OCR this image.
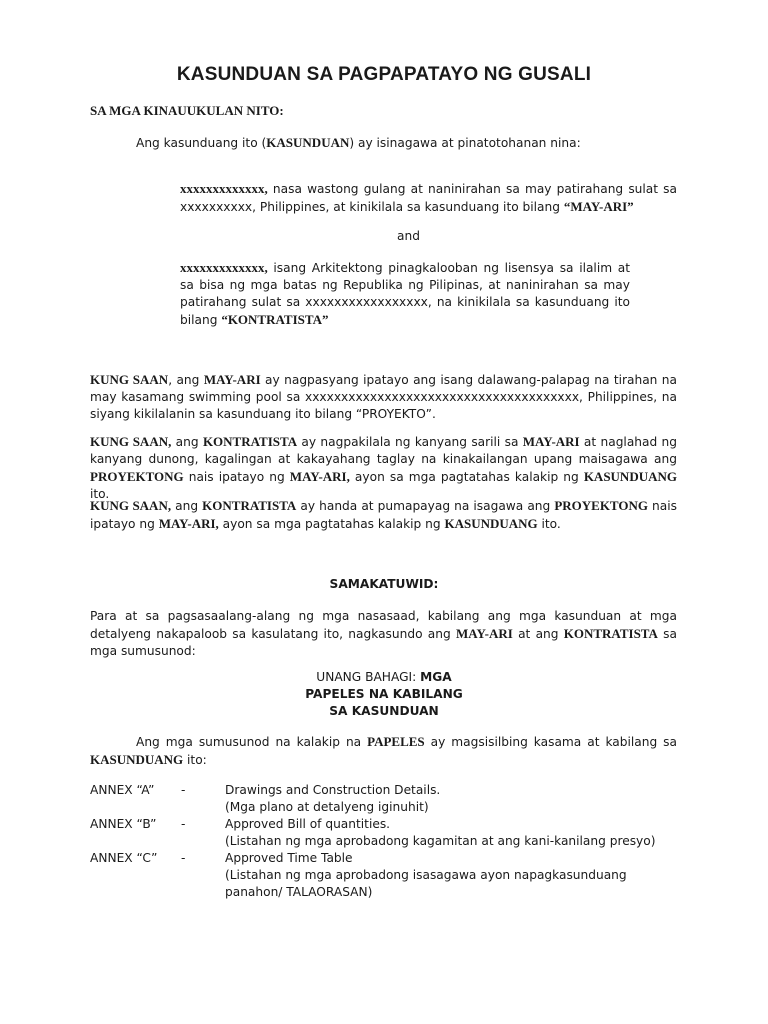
KASUNDUAN SA PAGPAPATAYO NG GUSALI
SA MGA KINAUUKULAN NITO:
Ang kasunduang ito (KASUNDUAN) ay isinagawa at pinatotohanan nina:
xxxxxxxxxxxxx, nasa wastong gulang at naninirahan sa may patirahang sulat sa xxxxxxxxxx, Philippines, at kinikilala sa kasunduang ito bilang “MAY-ARI”
and
xxxxxxxxxxxxx, isang Arkitektong pinagkalooban ng lisensya sa ilalim at sa bisa ng mga batas ng Republika ng Pilipinas, at naninirahan sa may patirahang sulat sa xxxxxxxxxxxxxxxxx, na kinikilala sa kasunduang ito bilang “KONTRATISTA”
KUNG SAAN, ang MAY-ARI ay nagpasyang ipatayo ang isang dalawang-palapag na tirahan na may kasamang swimming pool sa xxxxxxxxxxxxxxxxxxxxxxxxxxxxxxxxxxxxxx, Philippines, na siyang kikilalanin sa kasunduang ito bilang “PROYEKTO”.
KUNG SAAN, ang KONTRATISTA ay nagpakilala ng kanyang sarili sa MAY-ARI at naglahad ng kanyang dunong, kagalingan at kakayahang taglay na kinakailangan upang maisagawa ang PROYEKTONG nais ipatayo ng MAY-ARI, ayon sa mga pagtatahas kalakip ng KASUNDUANG ito.
KUNG SAAN, ang KONTRATISTA ay handa at pumapayag na isagawa ang PROYEKTONG nais ipatayo ng MAY-ARI, ayon sa mga pagtatahas kalakip ng KASUNDUANG ito.
SAMAKATUWID:
Para at sa pagsasaalang-alang ng mga nasasaad, kabilang ang mga kasunduan at mga detalyeng nakapaloob sa kasulatang ito, nagkasundo ang MAY-ARI at ang KONTRATISTA sa mga sumusunod:
UNANG BAHAGI: MGA
PAPELES NA KABILANG
SA KASUNDUAN
Ang mga sumusunod na kalakip na PAPELES ay magsisilbing kasama at kabilang sa KASUNDUANG ito:
ANNEX “A” -	Drawings and Construction Details.
(Mga plano at detalyeng iginuhit)
ANNEX “B” -	Approved Bill of quantities.
(Listahan ng mga aprobadong kagamitan at ang kani-kanilang presyo)
ANNEX “C” -	Approved Time Table
(Listahan ng mga aprobadong isasagawa ayon napagkasunduang panahon/ TALAORASAN)
